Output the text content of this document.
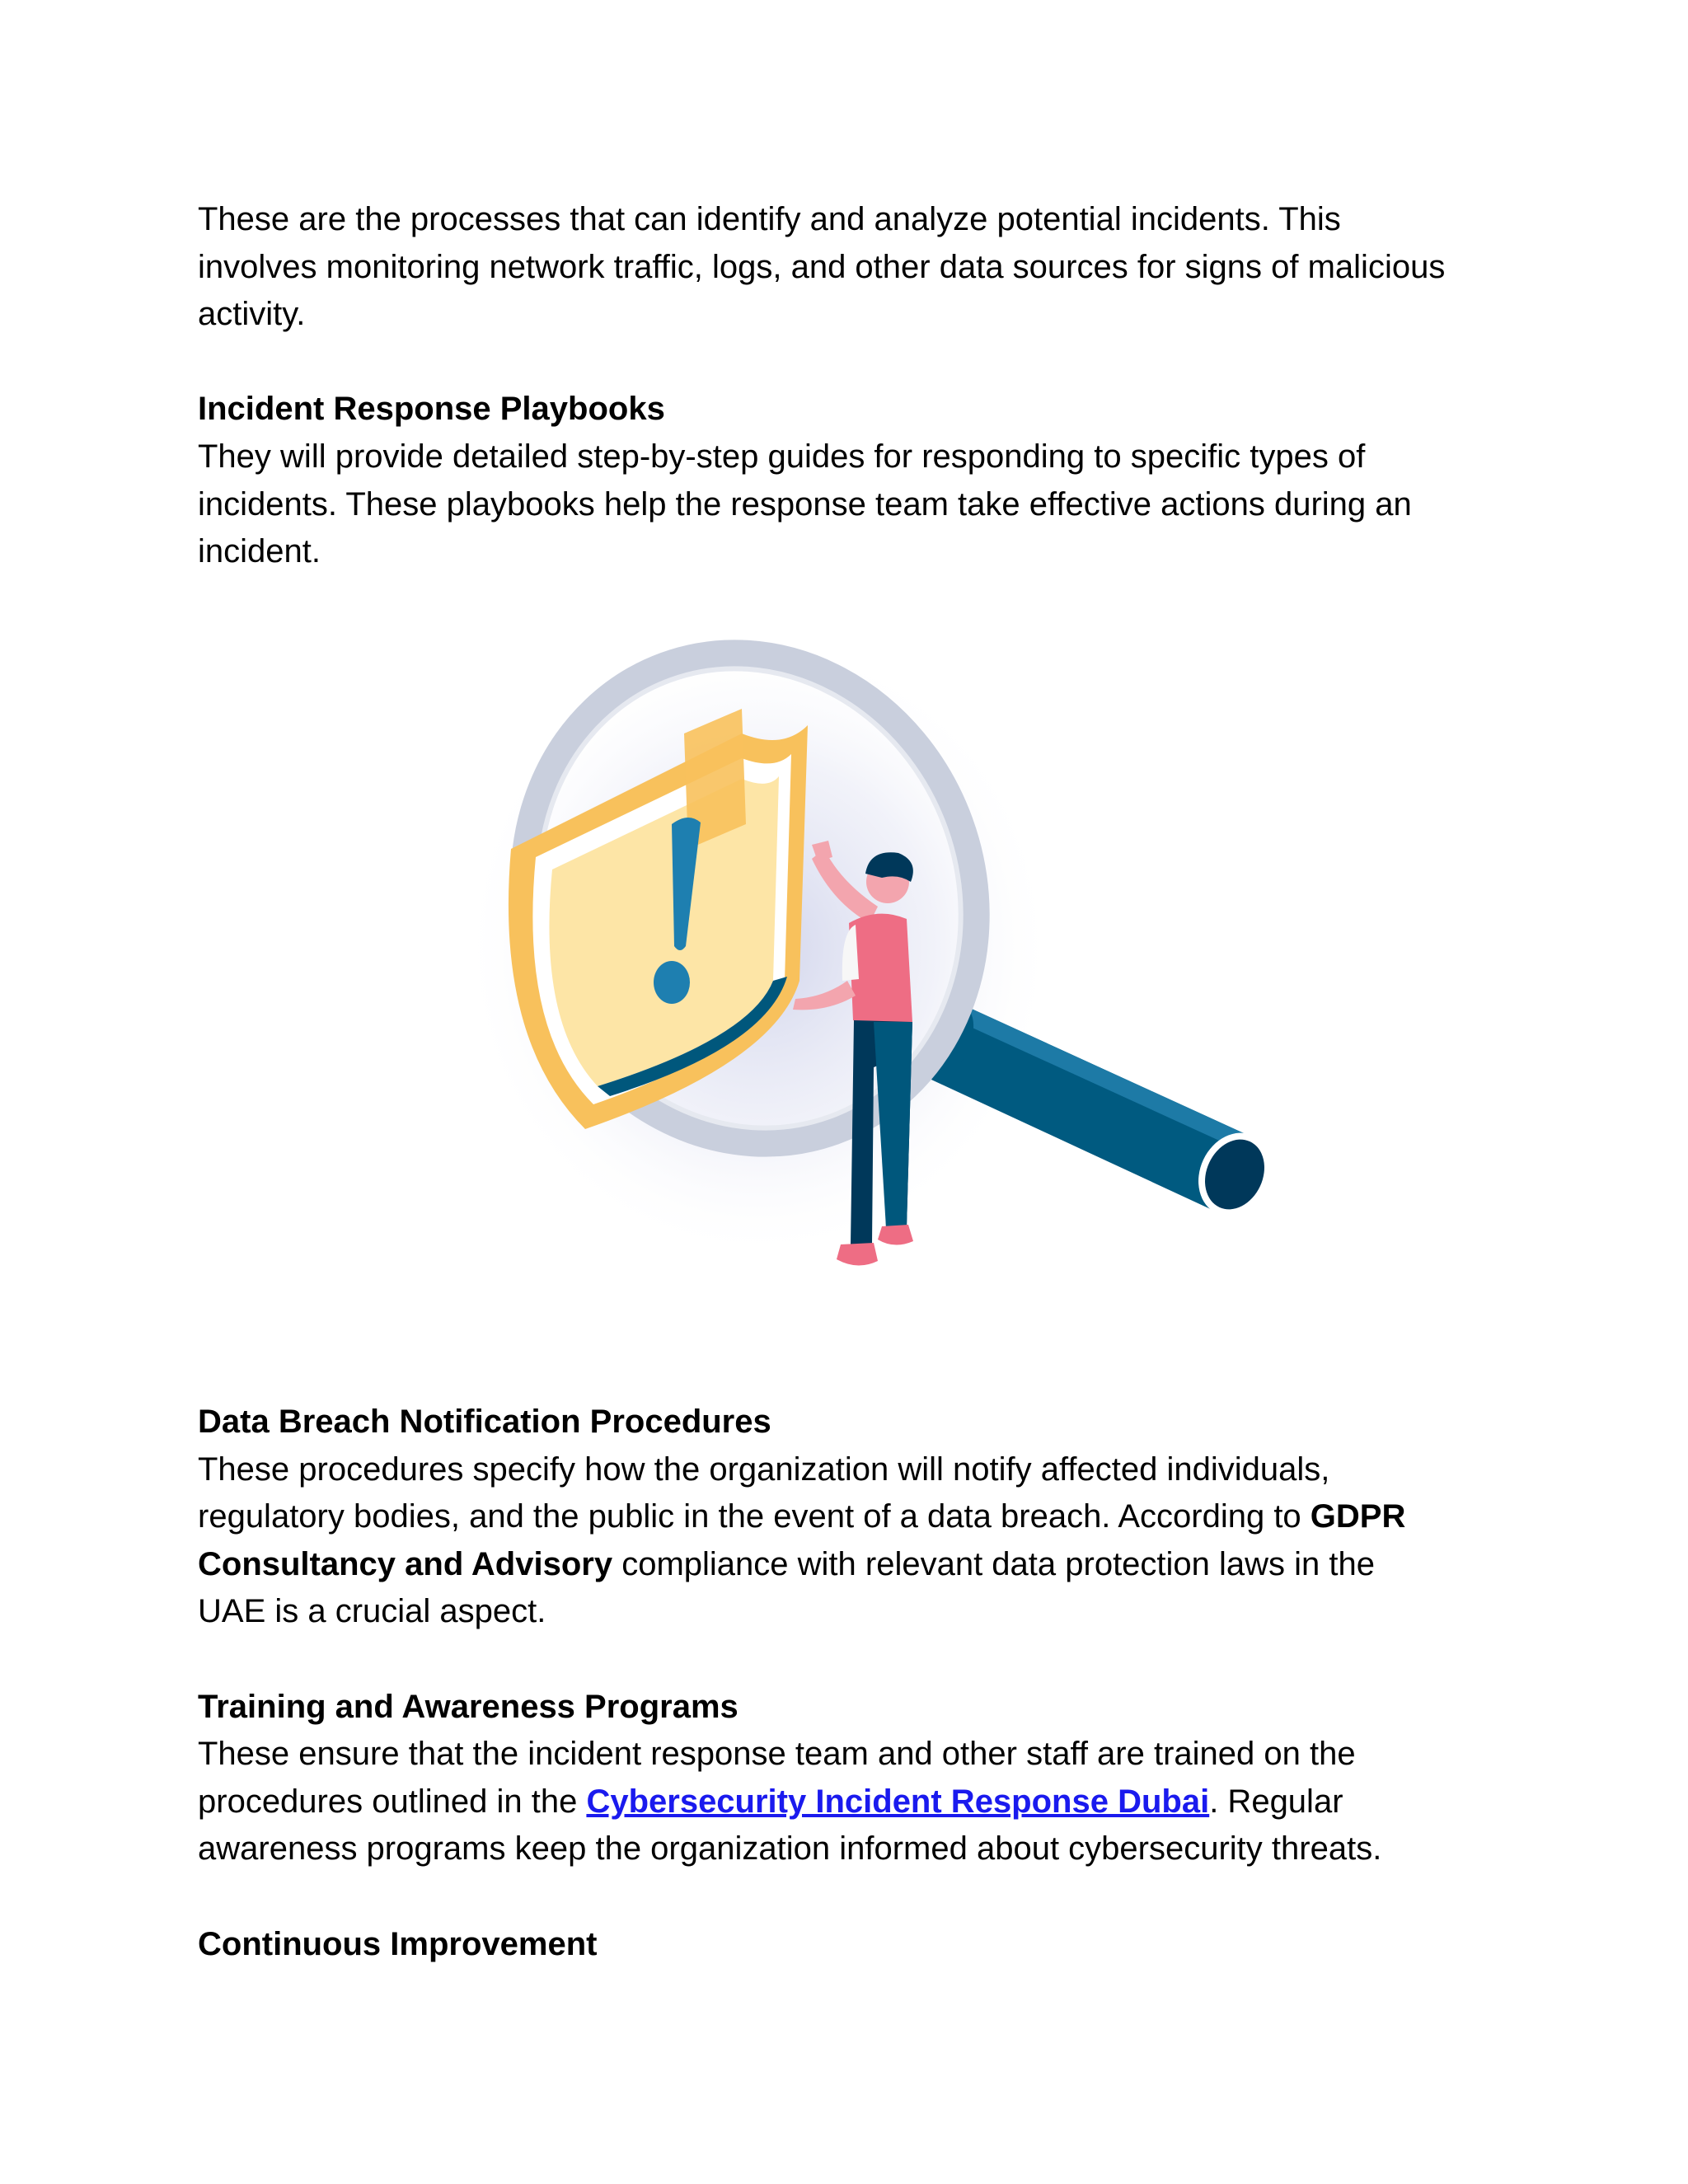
These are the processes that can identify and analyze potential incidents. This involves monitoring network traffic, logs, and other data sources for signs of malicious activity.

Incident Response Playbooks

They will provide detailed step-by-step guides for responding to specific types of incidents. These playbooks help the response team take effective actions during an incident.

Data Breach Notification Procedures

These procedures specify how the organization will notify affected individuals, regulatory bodies, and the public in the event of a data breach. According to GDPR Consultancy and Advisory compliance with relevant data protection laws in the UAE is a crucial aspect.

Training and Awareness Programs

These ensure that the incident response team and other staff are trained on the procedures outlined in the Cybersecurity Incident Response Dubai. Regular awareness programs keep the organization informed about cybersecurity threats.

Continuous Improvement
